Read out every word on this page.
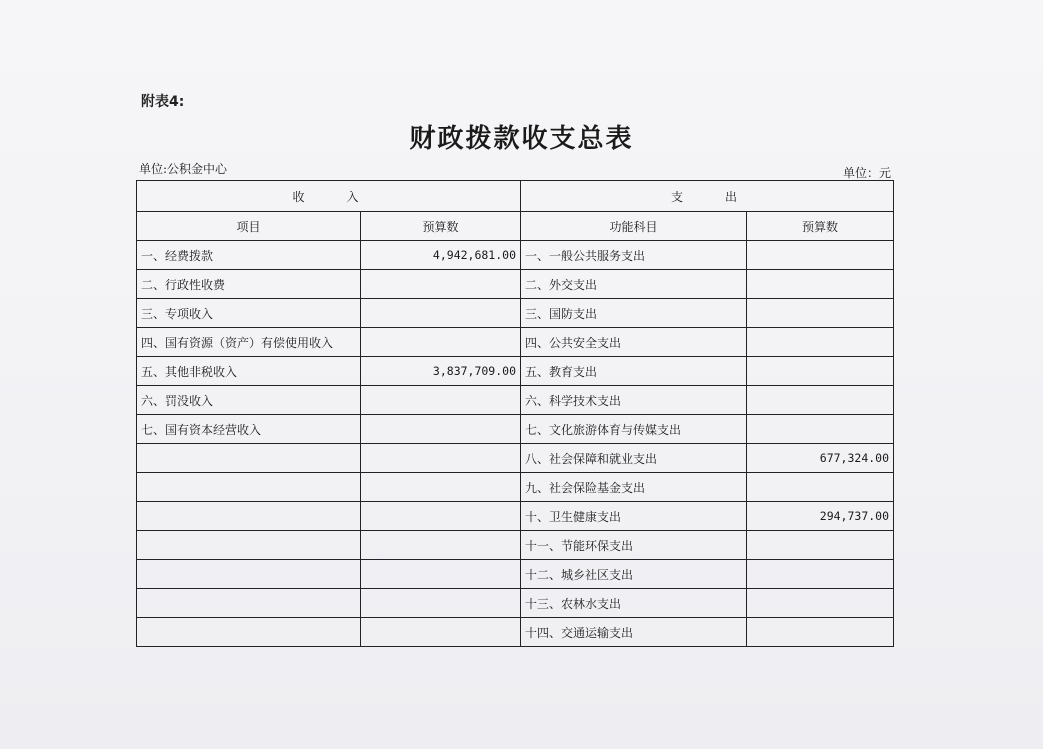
附表4:
财政拨款收支总表
单位:公积金中心	单位：元
收　　入		支　　出	
项目	预算数	功能科目	预算数
一、经费拨款	4,942,681.00	一、一般公共服务支出	
二、行政性收费		二、外交支出	
三、专项收入		三、国防支出	
四、国有资源（资产）有偿使用收入		四、公共安全支出	
五、其他非税收入	3,837,709.00	五、教育支出	
六、罚没收入		六、科学技术支出	
七、国有资本经营收入		七、文化旅游体育与传媒支出	
		八、社会保障和就业支出	677,324.00
		九、社会保险基金支出	
		十、卫生健康支出	294,737.00
		十一、节能环保支出	
		十二、城乡社区支出	
		十三、农林水支出	
		十四、交通运输支出	
